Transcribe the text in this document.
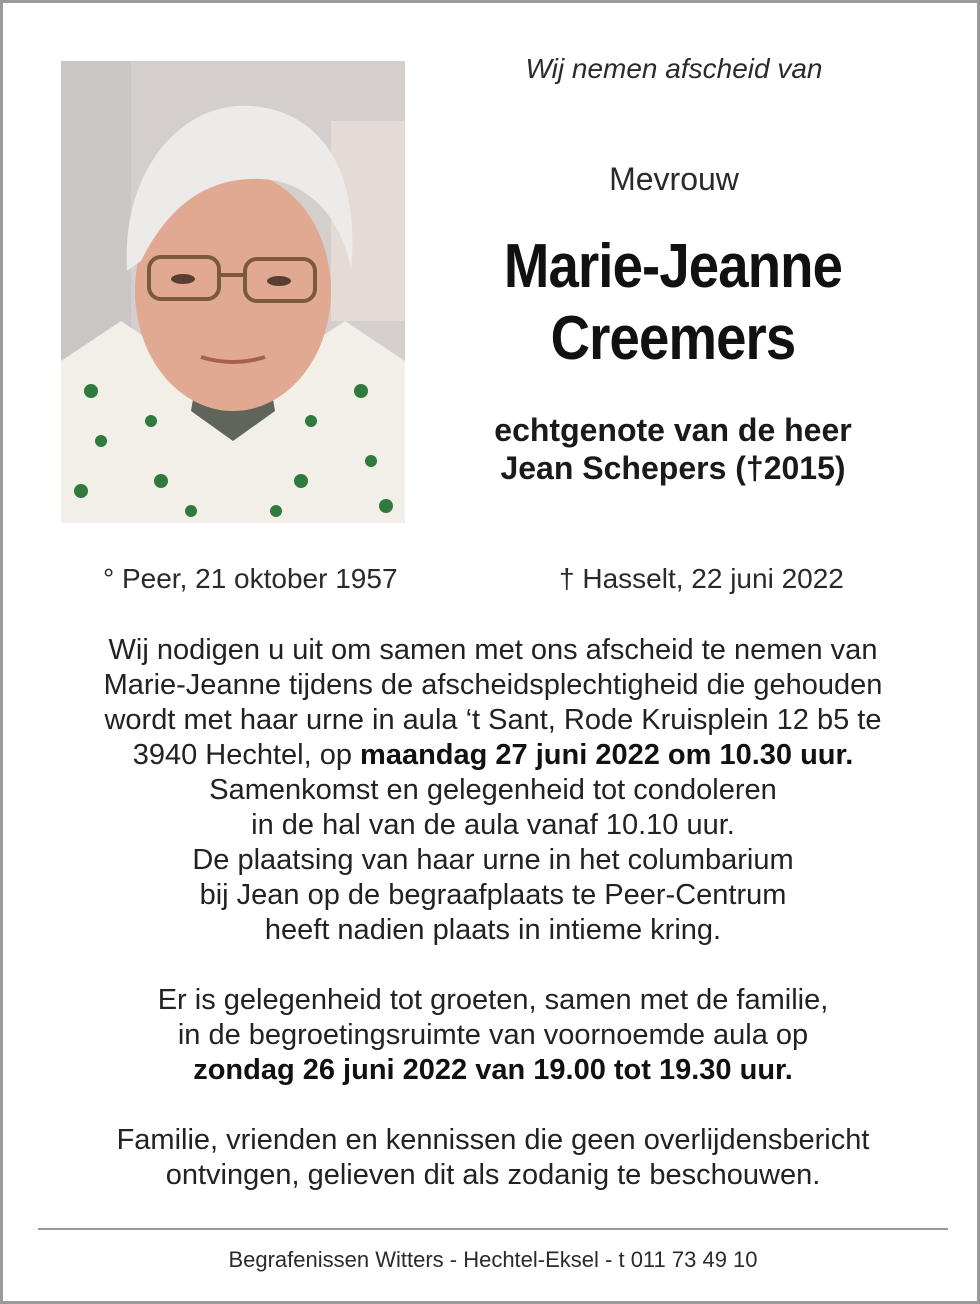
Wij nemen afscheid van
Mevrouw
Marie-Jeanne
Creemers
echtgenote van de heer
Jean Schepers (†2015)
° Peer, 21 oktober 1957	† Hasselt, 22 juni 2022

Wij nodigen u uit om samen met ons afscheid te nemen van

Marie-Jeanne tijdens de afscheidsplechtigheid die gehouden

wordt met haar urne in aula ‘t Sant, Rode Kruisplein 12 b5 te

3940 Hechtel, op maandag 27 juni 2022 om 10.30 uur.

Samenkomst en gelegenheid tot condoleren

in de hal van de aula vanaf 10.10 uur.

De plaatsing van haar urne in het columbarium

bij Jean op de begraafplaats te Peer-Centrum

heeft nadien plaats in intieme kring.

Er is gelegenheid tot groeten, samen met de familie,

in de begroetingsruimte van voornoemde aula op

zondag 26 juni 2022 van 19.00 tot 19.30 uur.

Familie, vrienden en kennissen die geen overlijdensbericht

ontvingen, gelieven dit als zodanig te beschouwen.

Begrafenissen Witters - Hechtel-Eksel - t 011 73 49 10
